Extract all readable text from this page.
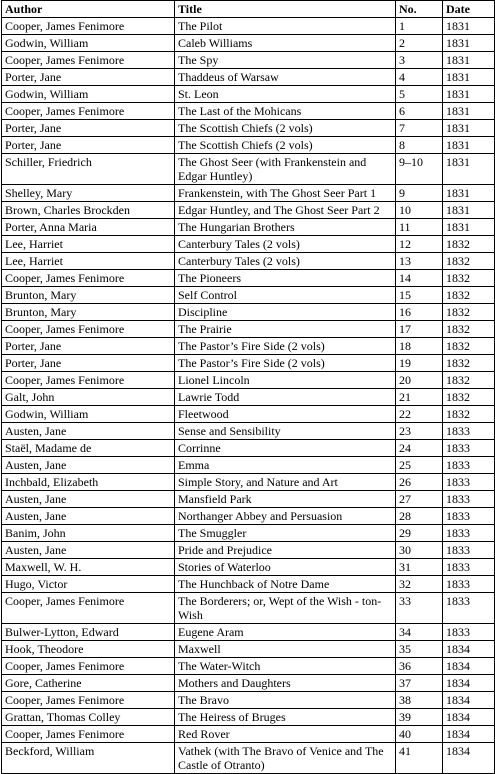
Author	Title	No.	Date
Cooper, James Fenimore	The Pilot	1	1831
Godwin, William	Caleb Williams	2	1831
Cooper, James Fenimore	The Spy	3	1831
Porter, Jane	Thaddeus of Warsaw	4	1831
Godwin, William	St. Leon	5	1831
Cooper, James Fenimore	The Last of the Mohicans	6	1831
Porter, Jane	The Scottish Chiefs (2 vols)	7	1831
Porter, Jane	The Scottish Chiefs (2 vols)	8	1831
Schiller, Friedrich	The Ghost Seer (with Frankenstein and Edgar Huntley)	9–10	1831
Shelley, Mary	Frankenstein, with The Ghost Seer Part 1	9	1831
Brown, Charles Brockden	Edgar Huntley, and The Ghost Seer Part 2	10	1831
Porter, Anna Maria	The Hungarian Brothers	11	1831
Lee, Harriet	Canterbury Tales (2 vols)	12	1832
Lee, Harriet	Canterbury Tales (2 vols)	13	1832
Cooper, James Fenimore	The Pioneers	14	1832
Brunton, Mary	Self Control	15	1832
Brunton, Mary	Discipline	16	1832
Cooper, James Fenimore	The Prairie	17	1832
Porter, Jane	The Pastor’s Fire Side (2 vols)	18	1832
Porter, Jane	The Pastor’s Fire Side (2 vols)	19	1832
Cooper, James Fenimore	Lionel Lincoln	20	1832
Galt, John	Lawrie Todd	21	1832
Godwin, William	Fleetwood	22	1832
Austen, Jane	Sense and Sensibility	23	1833
Staël, Madame de	Corrinne	24	1833
Austen, Jane	Emma	25	1833
Inchbald, Elizabeth	Simple Story, and Nature and Art	26	1833
Austen, Jane	Mansfield Park	27	1833
Austen, Jane	Northanger Abbey and Persuasion	28	1833
Banim, John	The Smuggler	29	1833
Austen, Jane	Pride and Prejudice	30	1833
Maxwell, W. H.	Stories of Waterloo	31	1833
Hugo, Victor	The Hunchback of Notre Dame	32	1833
Cooper, James Fenimore	The Borderers; or, Wept of the Wish - ton-Wish	33	1833
Bulwer-Lytton, Edward	Eugene Aram	34	1833
Hook, Theodore	Maxwell	35	1834
Cooper, James Fenimore	The Water-Witch	36	1834
Gore, Catherine	Mothers and Daughters	37	1834
Cooper, James Fenimore	The Bravo	38	1834
Grattan, Thomas Colley	The Heiress of Bruges	39	1834
Cooper, James Fenimore	Red Rover	40	1834
Beckford, William	Vathek (with The Bravo of Venice and The Castle of Otranto)	41	1834
